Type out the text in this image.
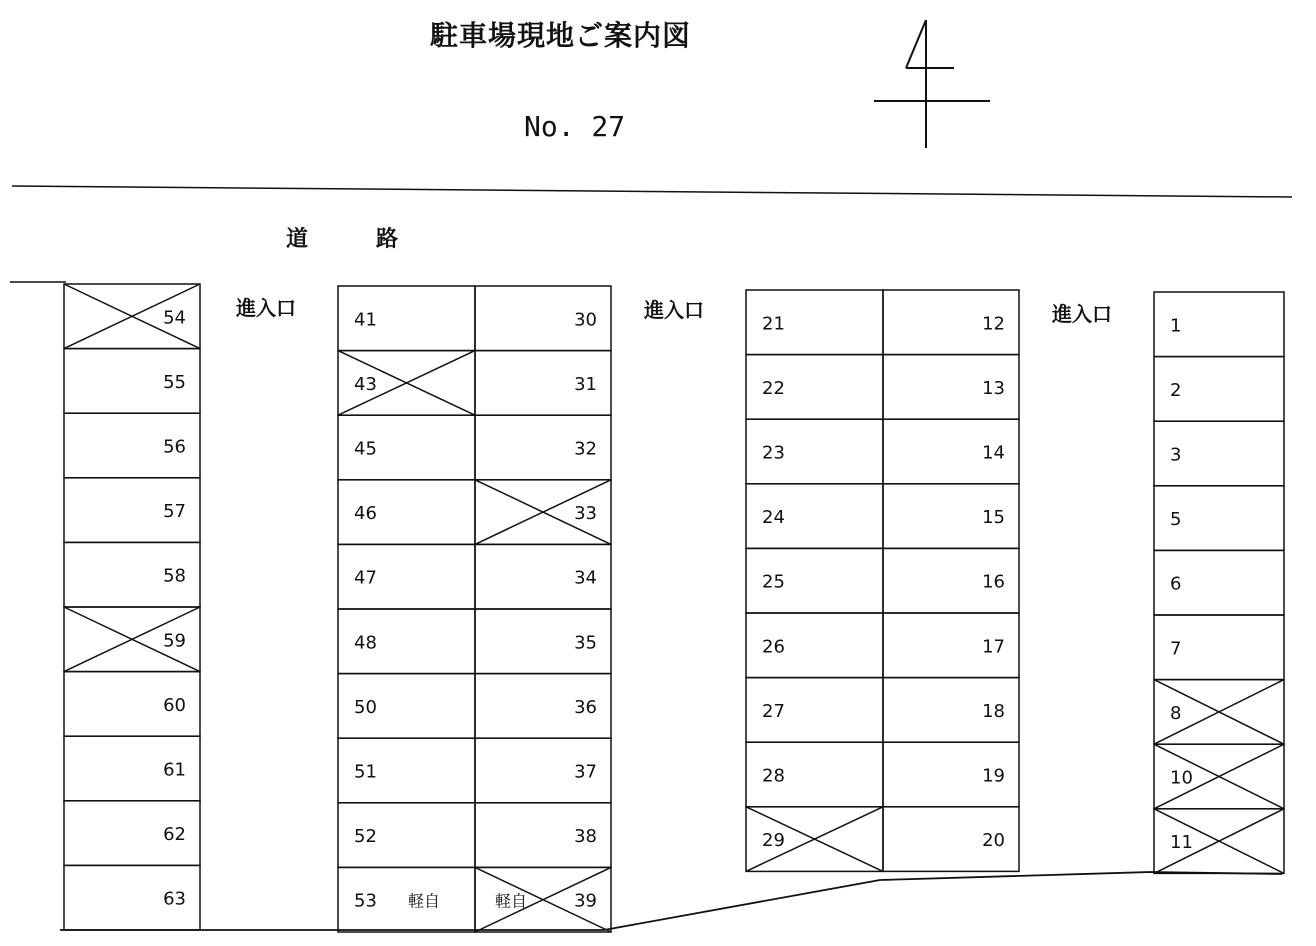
駐車場現地ご案内図
No. 27
道	路
進入口	進入口	進入口
54
55
56
57
58
59
60
61
62
63
41
43
45
46
47
48
50
51
52
53 軽自
30
31
32
33
34
35
36
37
38
39
軽自
21
22
23
24
25
26
27
28
29
12
13
14
15
16
17
18
19
20
1
2
3
5
6
7
8
10
11
